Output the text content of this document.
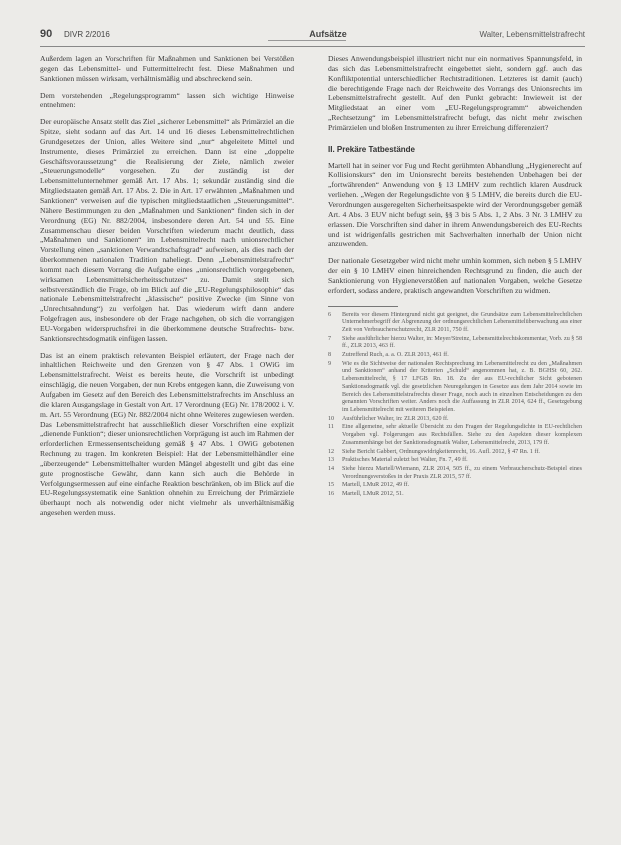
90 DIVR 2/2016	Aufsätze	Walter, Lebensmittelstrafrecht

Außerdem lagen an Vorschriften für Maßnahmen und Sanktionen bei Verstößen gegen das Lebensmittel- und Futtermittelrecht fest. Diese Maßnahmen und Sanktionen müssen wirksam, verhältnismäßig und abschreckend sein.

Dem vorstehenden „Regelungsprogramm“ lassen sich wichtige Hinweise entnehmen:

Der europäische Ansatz stellt das Ziel „sicherer Lebensmittel“ als Primärziel an die Spitze, sieht sodann auf das Art. 14 und 16 dieses Lebensmittelrechtlichen Grundgesetzes der Union, alles Weitere sind „nur“ abgeleitete Mittel und Instrumente, dieses Primärziel zu erreichen. Dann ist eine „doppelte Geschäftsvoraussetzung“ die Realisierung der Ziele, nämlich zweier „Steuerungsmodelle“ vorgesehen. Zu der zuständig ist der Lebensmittelunternehmer gemäß Art. 17 Abs. 1; sekundär zuständig sind die Mitgliedstaaten gemäß Art. 17 Abs. 2. Die in Art. 17 erwähnten „Maßnahmen und Sanktionen“ verweisen auf die typischen mitgliedstaatlichen „Steuerungsmittel“. Nähere Bestimmungen zu den „Maßnahmen und Sanktionen“ finden sich in der Verordnung (EG) Nr. 882/2004, insbesondere deren Art. 54 und 55. Eine Zusammenschau dieser beiden Vorschriften wiederum macht deutlich, dass „Maßnahmen und Sanktionen“ im Lebensmittelrecht nach unionsrechtlicher Vorstellung einen „sanktionen Verwandtschaftsgrad“ aufweisen, als dies nach der überkommenen nationalen Tradition naheliegt. Denn „Lebensmittelstrafrecht“ kommt nach diesem Vorrang die Aufgabe eines „unionsrechtlich vorgegebenen, wirksamen Lebensmittelsicherheitsschutzes“ zu. Damit stellt sich selbstverständlich die Frage, ob im Blick auf die „EU-Regelungsphilosophie“ das nationale Lebensmittelstrafrecht „klassische“ positive Zwecke (im Sinne von „Unrechtsahndung“) zu verfolgen hat. Das wiederum wirft dann andere Folgefragen aus, insbesondere ob der Frage nachgehen, ob sich die vorrangigen EU-Vorgaben widerspruchsfrei in die überkommene deutsche Strafrechts- bzw. Sanktionsrechtsdogmatik einfügen lassen.

Das ist an einem praktisch relevanten Beispiel erläutert, der Frage nach der inhaltlichen Reichweite und den Grenzen von § 47 Abs. 1 OWiG im Lebensmittelstrafrecht. Weist es bereits heute, die Vorschrift ist unbedingt einschlägig, die neuen Vorgaben, der nun Krebs entgegen kann, die Zuweisung von Aufgaben im Gesetz auf den Bereich des Lebensmittelstrafrechts im Anschluss an die klaren Ausgangslage in Gestalt von Art. 17 Verordnung (EG) Nr. 178/2002 i. V. m. Art. 55 Verordnung (EG) Nr. 882/2004 nicht ohne Weiteres zugewiesen werden. Das Lebensmittelstrafrecht hat ausschließlich dieser Vorschriften eine explizit „dienende Funktion“; dieser unionsrechtlichen Vorprägung ist auch im Rahmen der erforderlichen Ermessensentscheidung gemäß § 47 Abs. 1 OWiG gebotenen Rechnung zu tragen. Im konkreten Beispiel: Hat der Lebensmittelhändler eine „überzeugende“ Lebensmittelhalter wurden Mängel abgestellt und gibt das eine gute prognostische Gewähr, dann kann sich auch die Behörde in Verfolgungsermessen auf eine einfache Reaktion beschränken, ob im Blick auf die EU-Regelungssystematik eine Sanktion ohnehin zu Erreichung der Primärziele überhaupt noch als notwendig oder nicht vielmehr als unverhältnismäßig angesehen werden muss.

Dieses Anwendungsbeispiel illustriert nicht nur ein normatives Spannungsfeld, in das sich das Lebensmittelstrafrecht eingebettet sieht, sondern ggf. auch das Konfliktpotential unterschiedlicher Rechtstraditionen. Letzteres ist damit (auch) die berechtigende Frage nach der Reichweite des Vorrangs des Unionsrechts im Lebensmittelstrafrecht gestellt. Auf den Punkt gebracht: Inwieweit ist der Mitgliedstaat an einer vom „EU-Regelungsprogramm“ abweichenden „Rechtsetzung“ im Lebensmittelstrafrecht befugt, das nicht mehr zwischen Primärzielen und bloßen Instrumenten zu ihrer Erreichung differenziert?

II. Prekäre Tatbestände

Martell hat in seiner vor Fug und Recht gerühmten Abhandlung „Hygienerecht auf Kollisionskurs“ den im Unionsrecht bereits bestehenden Unbehagen bei der „fortwährenden“ Anwendung von § 13 LMHV zum rechtlich klaren Ausdruck verliehen. „Wegen der Regelungsdichte von § 5 LMHV, die bereits durch die EU-Verordnungen ausgeregelten Sicherheitsaspekte wird der Verordnungsgeber gemäß Art. 4 Abs. 3 EUV nicht befugt sein, §§ 3 bis 5 Abs. 1, 2 Abs. 3 Nr. 3 LMHV zu erlassen. Die Vorschriften sind daher in ihrem Anwendungsbereich des EU-Rechts und ist widrigenfalls gestrichen mit Sachverhalten innerhalb der Union nicht anzuwenden.

Der nationale Gesetzgeber wird nicht mehr umhin kommen, sich neben § 5 LMHV der ein § 10 LMHV einen hinreichenden Rechtsgrund zu finden, die auch der Sanktionierung von Hygieneverstößen auf nationalen Vorgaben, welche Gesetze erfordert, sodass andere, praktisch angewandten Vorschriften zu widmen.

6	Bereits vor diesem Hintergrund nicht gut geeignet, die Grundsätze zum Lebensmittelrechtlichen Unternehmerbegriff der Abgrenzung der ordnungsrechtlichen Lebensmittelüberwachung aus einer Zeit von Verbraucherschutzrecht, ZLR 2011, 750 ff.
7	Siehe ausführlicher hierzu Walter, in: Meyer/Streinz, Lebensmittelrechtskommentar, Vorb. zu § 58 ff., ZLR 2013, 463 ff.
8	Zutreffend Ruch, a. a. O. ZLR 2013, 461 ff.
9	Wie es die Sichtweise der nationalen Rechtsprechung im Lebensmittelrecht zu den „Maßnahmen und Sanktionen“ anhand der Kriterien „Schuld“ angenommen hat, z. B. BGHSt 60, 262. Lebensmittelrecht, § 17 LFGB Rn. 18. Zu der aus EU-rechtlicher Sicht gebotenen Sanktionsdogmatik vgl. die gesetzlichen Neuregelungen in Gesetze aus dem Jahr 2014 sowie im Bereich des Lebensmittelstrafrechts dieser Frage, noch auch in einzelnen Entscheidungen zu den genannten Vorschriften weiter. Anders noch die Auffassung in ZLR 2014, 624 ff., Gesetzgebung im Lebensmittelrecht mit weiteren Beispielen.
10	Ausführlicher Walter, in: ZLR 2013, 620 ff.
11	Eine allgemeine, sehr aktuelle Übersicht zu den Fragen der Regelungsdichte in EU-rechtlichen Vorgaben vgl. Folgerungen aus Rechtsfällen. Siehe zu den Aspekten dieser komplexen Zusammenhänge bei der Sanktionsdogmatik Walter, Lebensmittelrecht, 2013, 179 ff.
12	Siehe Bericht Gabbert, Ordnungswidrigkeitenrecht, 16. Aufl. 2012, § 47 Rn. 1 ff.
13	Praktisches Material zuletzt bei Walter, Fn. 7, 49 ff.
14	Siehe hierzu Martell/Wiemann, ZLR 2014, 505 ff., zu einem Verbraucherschutz-Beispiel eines Verordnungsverstoßes in der Praxis ZLR 2015, 57 ff.
15	Martell, LMuR 2012, 49 ff.
16	Martell, LMuR 2012, 51.
